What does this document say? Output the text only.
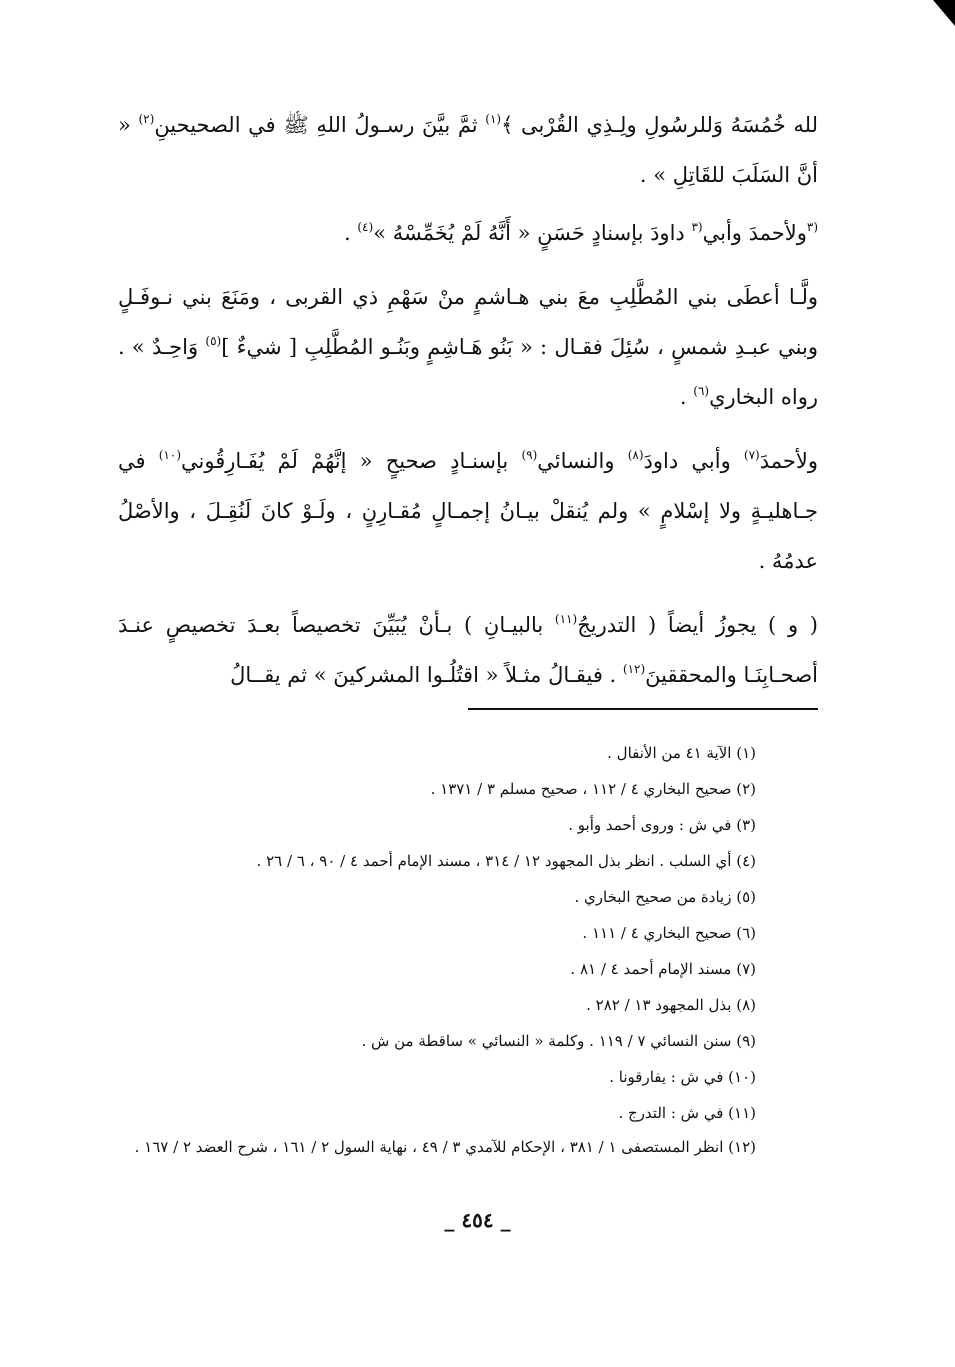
لله خُمُسَهُ وَللرسُولِ ولِـذِي القُرْبى ﴾$^{(١)}$ ثمَّ بيَّنَ رسـولُ اللهِ ﷺ في الصحيحينِ$^{(٢)}$ « أنَّ السَلَبَ للقَاتِلِ » .

$^{(٣}$ولأحمدَ وأبي$^{(٣}$ داودَ بإسنادٍ حَسَنٍ « أَنَّهُ لَمْ يُخَمِّسْهُ »$^{(٤)}$ .

ولَّـا أعطَى بني المُطَّلِبِ معَ بني هـاشمٍ منْ سَهْمِ ذي القربى ، ومَنَعَ بني نـوفَـلٍ وبني عبـدِ شمسٍ ، سُئِلَ فقـال : « بَنُو هَـاشِمٍ وبَنُـو المُطَّلِبِ [ شيءٌ ]$^{(٥)}$ وَاحِـدٌ » . رواه البخاري$^{(٦)}$ .

ولأحمدَ$^{(٧)}$ وأبي داودَ$^{(٨)}$ والنسائي$^{(٩)}$ بإسنـادٍ صحيحٍ « إنَّهُمْ لَمْ يُفَـارِقُوني$^{(١٠)}$ في جـاهليـةٍ ولا إسْلامٍ » ولم يُنقلْ بيـانُ إجمـالٍ مُقـارِنٍ ، ولَـوْ كانَ لَنُقِـلَ ، والأصْلُ عدمُهُ .

( و ) يجوزُ أيضاً ( التدريجُ$^{(١١)}$ بالبيـانِ ) بـأنْ يُبَيِّنَ تخصيصاً بعـدَ تخصيصٍ عنـدَ أصحـابِنَـا والمحققينَ$^{(١٢)}$ . فيقـالُ مثـلاً « اقتُلُـوا المشركينَ » ثم يقــالُ

(١) الآية ٤١ من الأنفال .

(٢) صحيح البخاري ٤ / ١١٢ ، صحيح مسلم ٣ / ١٣٧١ .

(٣) في ش : وروى أحمد وأبو .

(٤) أي السلب . انظر بذل المجهود ١٢ / ٣١٤ ، مسند الإمام أحمد ٤ / ٩٠ ، ٦ / ٢٦ .

(٥) زيادة من صحيح البخاري .

(٦) صحيح البخاري ٤ / ١١١ .

(٧) مسند الإمام أحمد ٤ / ٨١ .

(٨) بذل المجهود ١٣ / ٢٨٢ .

(٩) سنن النسائي ٧ / ١١٩ . وكلمة « النسائي » ساقطة من ش .

(١٠) في ش : يفارقونا .

(١١) في ش : التدرج .

(١٢) انظر المستصفى ١ / ٣٨١ ، الإحكام للآمدي ٣ / ٤٩ ، نهاية السول ٢ / ١٦١ ، شرح العضد ٢ / ١٦٧ .

_ ٤٥٤ _
